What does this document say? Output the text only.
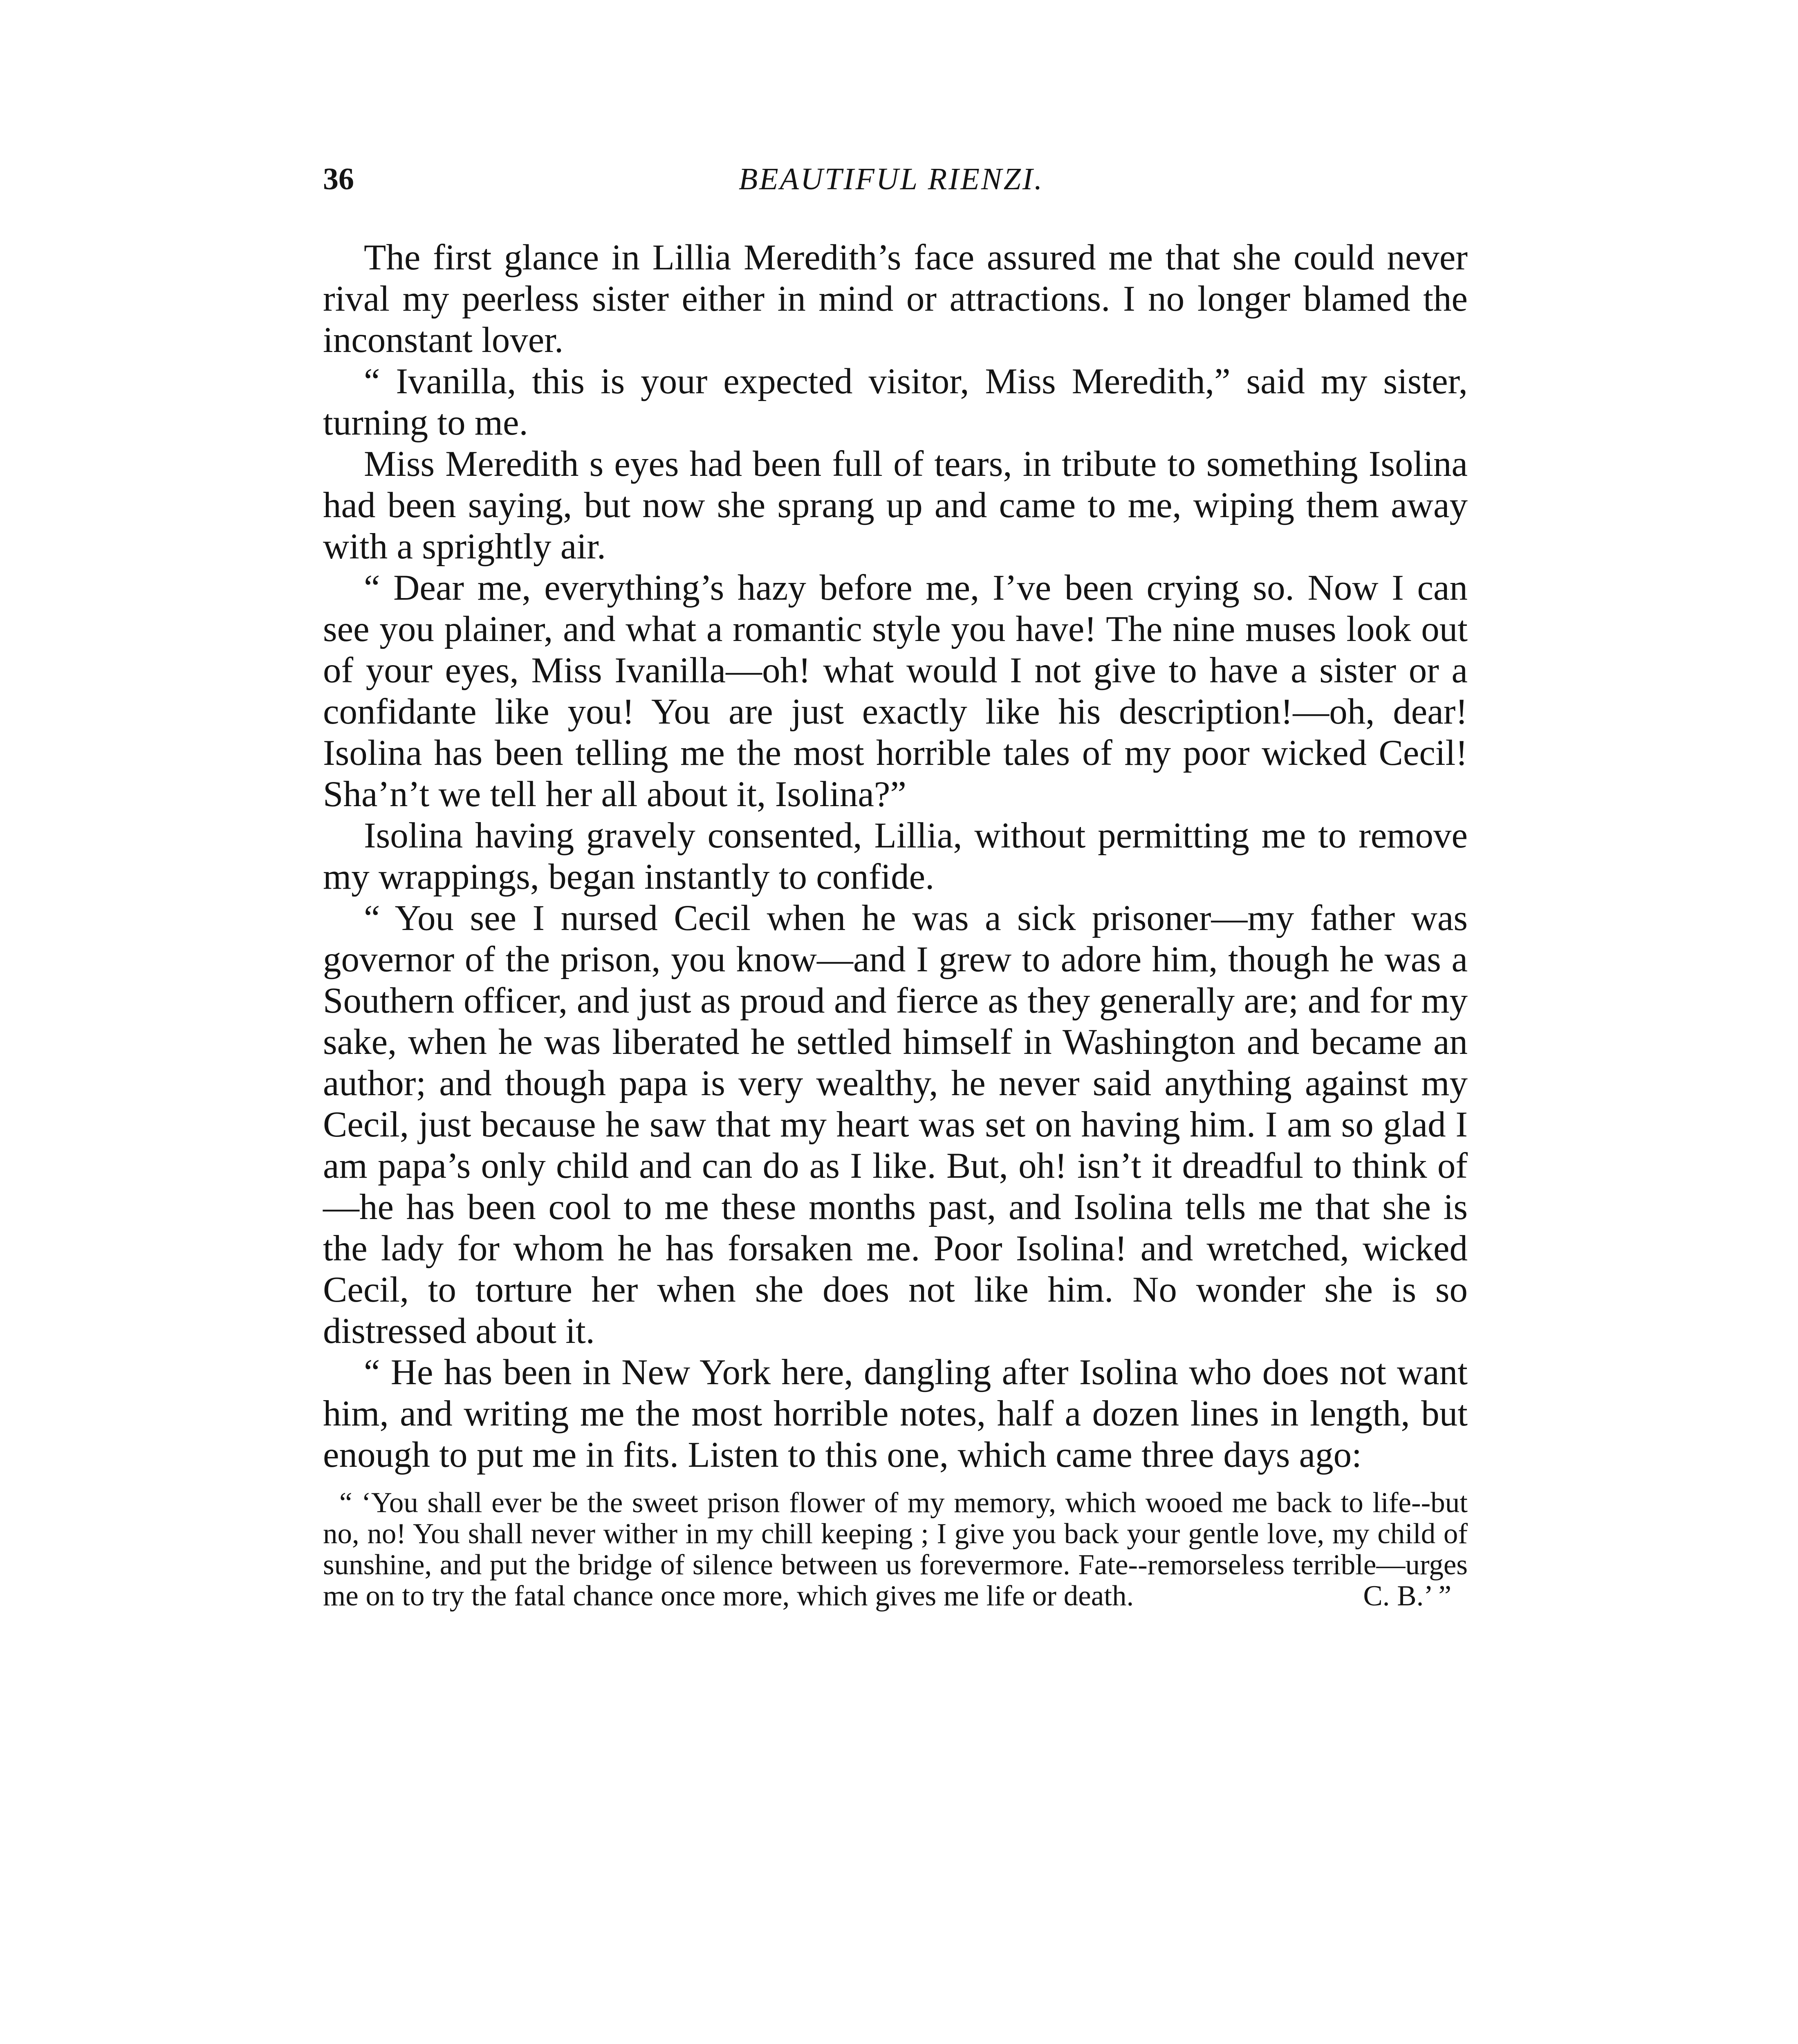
36	BEAUTIFUL RIENZI.

The first glance in Lillia Meredith’s face assured me that she could never rival my peerless sister either in mind or attractions. I no longer blamed the inconstant lover.

“ Ivanilla, this is your expected visitor, Miss Meredith,” said my sister, turning to me.

Miss Meredith s eyes had been full of tears, in tribute to something Isolina had been saying, but now she sprang up and came to me, wiping them away with a sprightly air.

“ Dear me, everything’s hazy before me, I’ve been crying so. Now I can see you plainer, and what a romantic style you have! The nine muses look out of your eyes, Miss Ivanilla—oh! what would I not give to have a sister or a confidante like you! You are just exactly like his description!—oh, dear! Isolina has been telling me the most horrible tales of my poor wicked Cecil! Sha’n’t we tell her all about it, Isolina?”

Isolina having gravely consented, Lillia, without permitting me to remove my wrappings, began instantly to confide.

“ You see I nursed Cecil when he was a sick prisoner—my father was governor of the prison, you know—and I grew to adore him, though he was a Southern officer, and just as proud and fierce as they generally are; and for my sake, when he was liberated he settled himself in Washington and became an author; and though papa is very wealthy, he never said anything against my Cecil, just because he saw that my heart was set on having him. I am so glad I am papa’s only child and can do as I like. But, oh! isn’t it dreadful to think of—he has been cool to me these months past, and Isolina tells me that she is the lady for whom he has forsaken me. Poor Isolina! and wretched, wicked Cecil, to torture her when she does not like him. No wonder she is so distressed about it.

“ He has been in New York here, dangling after Isolina who does not want him, and writing me the most horrible notes, half a dozen lines in length, but enough to put me in fits. Listen to this one, which came three days ago:

“ ‘You shall ever be the sweet prison flower of my memory, which wooed me back to life--but no, no! You shall never wither in my chill keeping ; I give you back your gentle love, my child of sunshine, and put the bridge of silence between us forevermore. Fate--remorseless terrible—urges me on to try the fatal chance once more, which gives me life or death.	C. B.’ ”
